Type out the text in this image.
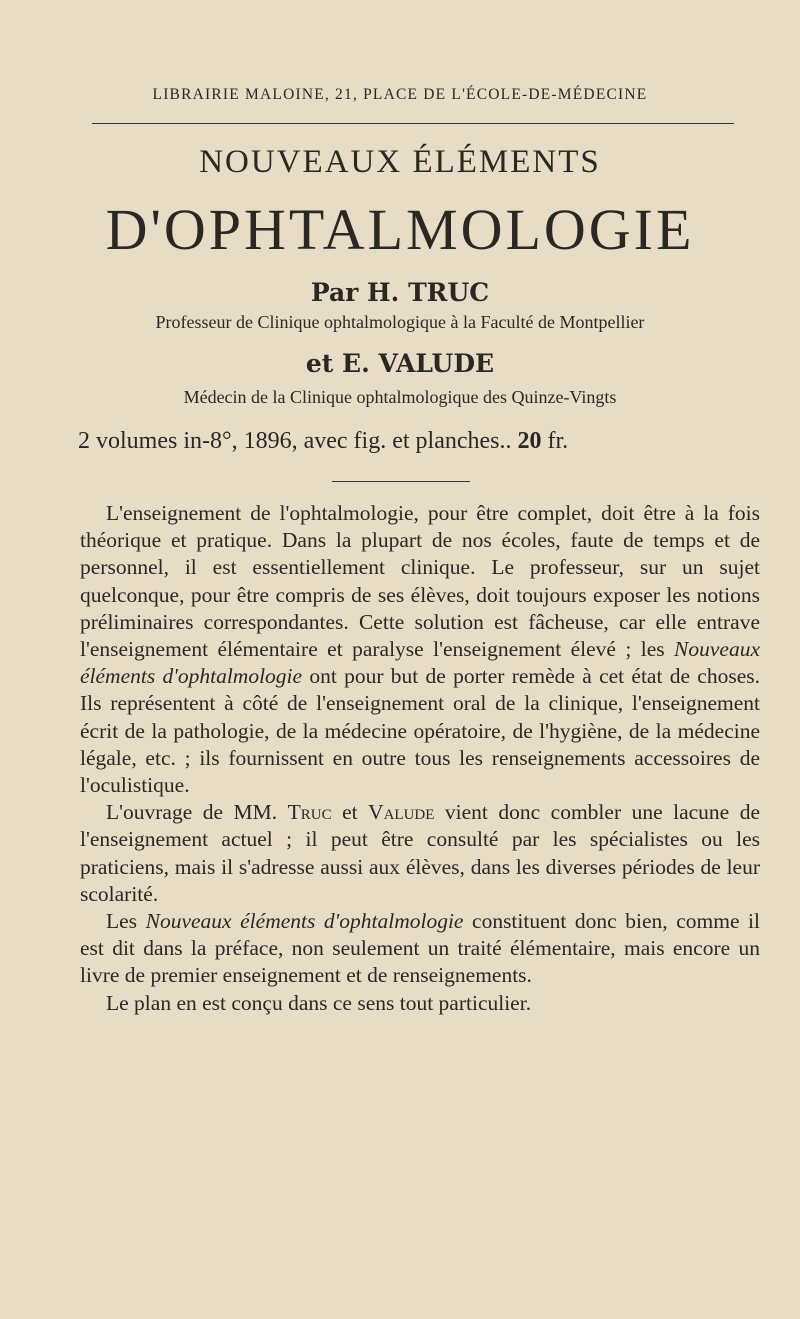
LIBRAIRIE MALOINE, 21, PLACE DE L'ÉCOLE-DE-MÉDECINE
NOUVEAUX ÉLÉMENTS
D'OPHTALMOLOGIE
Par H. TRUC
Professeur de Clinique ophtalmologique à la Faculté de Montpellier
et E. VALUDE
Médecin de la Clinique ophtalmologique des Quinze-Vingts
2 volumes in-8°, 1896, avec fig. et planches.. 20 fr.

L'enseignement de l'ophtalmologie, pour être complet, doit être à la fois théorique et pratique. Dans la plupart de nos écoles, faute de temps et de personnel, il est essentiellement clinique. Le professeur, sur un sujet quelconque, pour être compris de ses élèves, doit toujours exposer les notions préliminaires correspondantes. Cette solution est fâcheuse, car elle entrave l'enseignement élémentaire et paralyse l'enseignement élevé ; les Nouveaux éléments d'ophtalmologie ont pour but de porter remède à cet état de choses. Ils représentent à côté de l'enseignement oral de la clinique, l'enseignement écrit de la pathologie, de la médecine opératoire, de l'hygiène, de la médecine légale, etc. ; ils fournissent en outre tous les renseignements accessoires de l'oculistique.

L'ouvrage de MM. Truc et Valude vient donc combler une lacune de l'enseignement actuel ; il peut être consulté par les spécialistes ou les praticiens, mais il s'adresse aussi aux élèves, dans les diverses périodes de leur scolarité.

Les Nouveaux éléments d'ophtalmologie constituent donc bien, comme il est dit dans la préface, non seulement un traité élémentaire, mais encore un livre de premier enseignement et de renseignements.

Le plan en est conçu dans ce sens tout particulier.
